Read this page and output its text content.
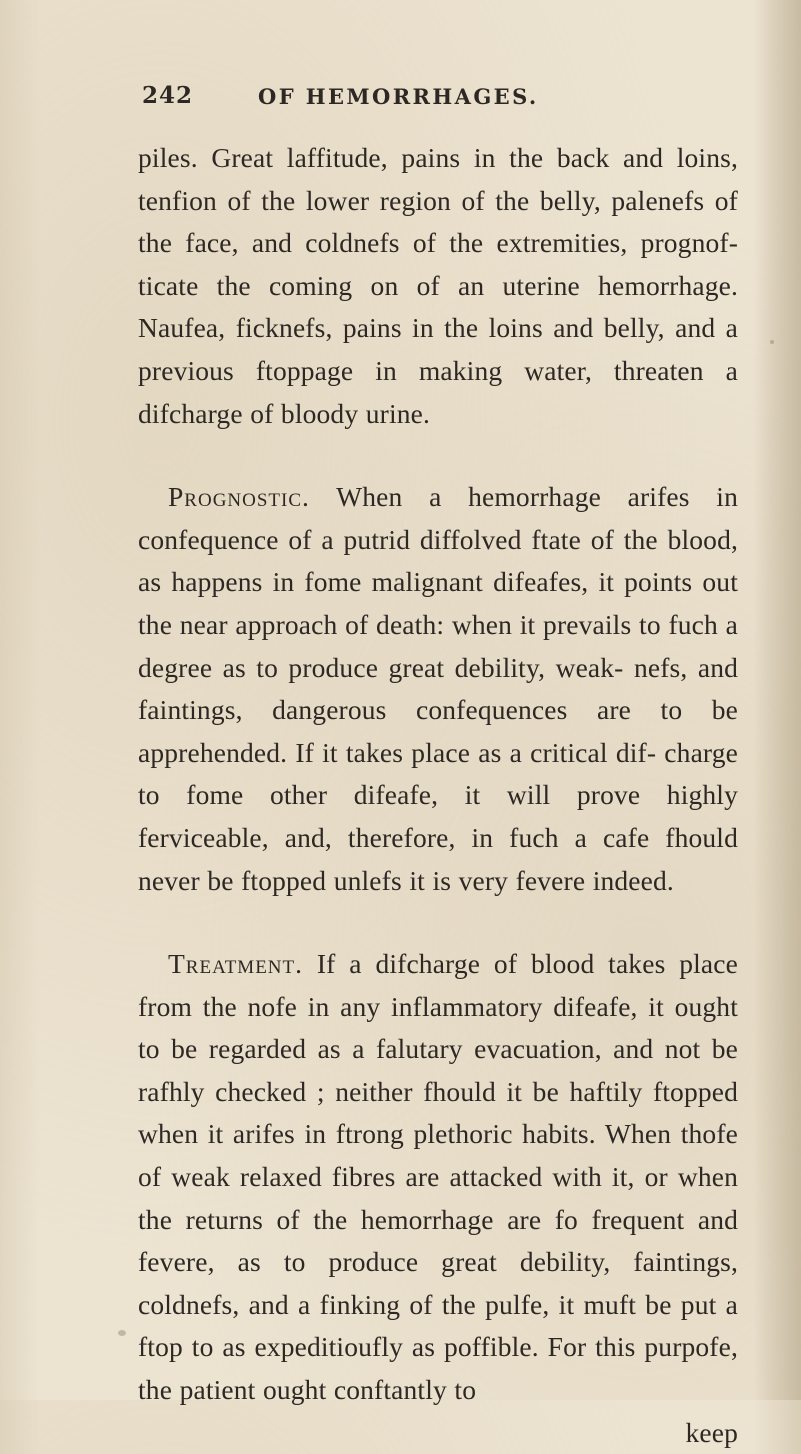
242	OF HEMORRHAGES.

piles. Great laffitude, pains in the back and loins, tenfion of the lower region of the belly, palenefs of the face, and coldnefs of the extremities, prognof- ticate the coming on of an uterine hemorrhage. Naufea, ficknefs, pains in the loins and belly, and a previous ftoppage in making water, threaten a difcharge of bloody urine.

Prognostic. When a hemorrhage arifes in confequence of a putrid diffolved ftate of the blood, as happens in fome malignant difeafes, it points out the near approach of death: when it prevails to fuch a degree as to produce great debility, weak- nefs, and faintings, dangerous confequences are to be apprehended. If it takes place as a critical dif- charge to fome other difeafe, it will prove highly ferviceable, and, therefore, in fuch a cafe fhould never be ftopped unlefs it is very fevere indeed.

Treatment. If a difcharge of blood takes place from the nofe in any inflammatory difeafe, it ought to be regarded as a falutary evacuation, and not be rafhly checked ; neither fhould it be haftily ftopped when it arifes in ftrong plethoric habits. When thofe of weak relaxed fibres are attacked with it, or when the returns of the hemorrhage are fo frequent and fevere, as to produce great debility, faintings, coldnefs, and a finking of the pulfe, it muft be put a ftop to as expeditioufly as poffible. For this purpofe, the patient ought conftantly to

keep
